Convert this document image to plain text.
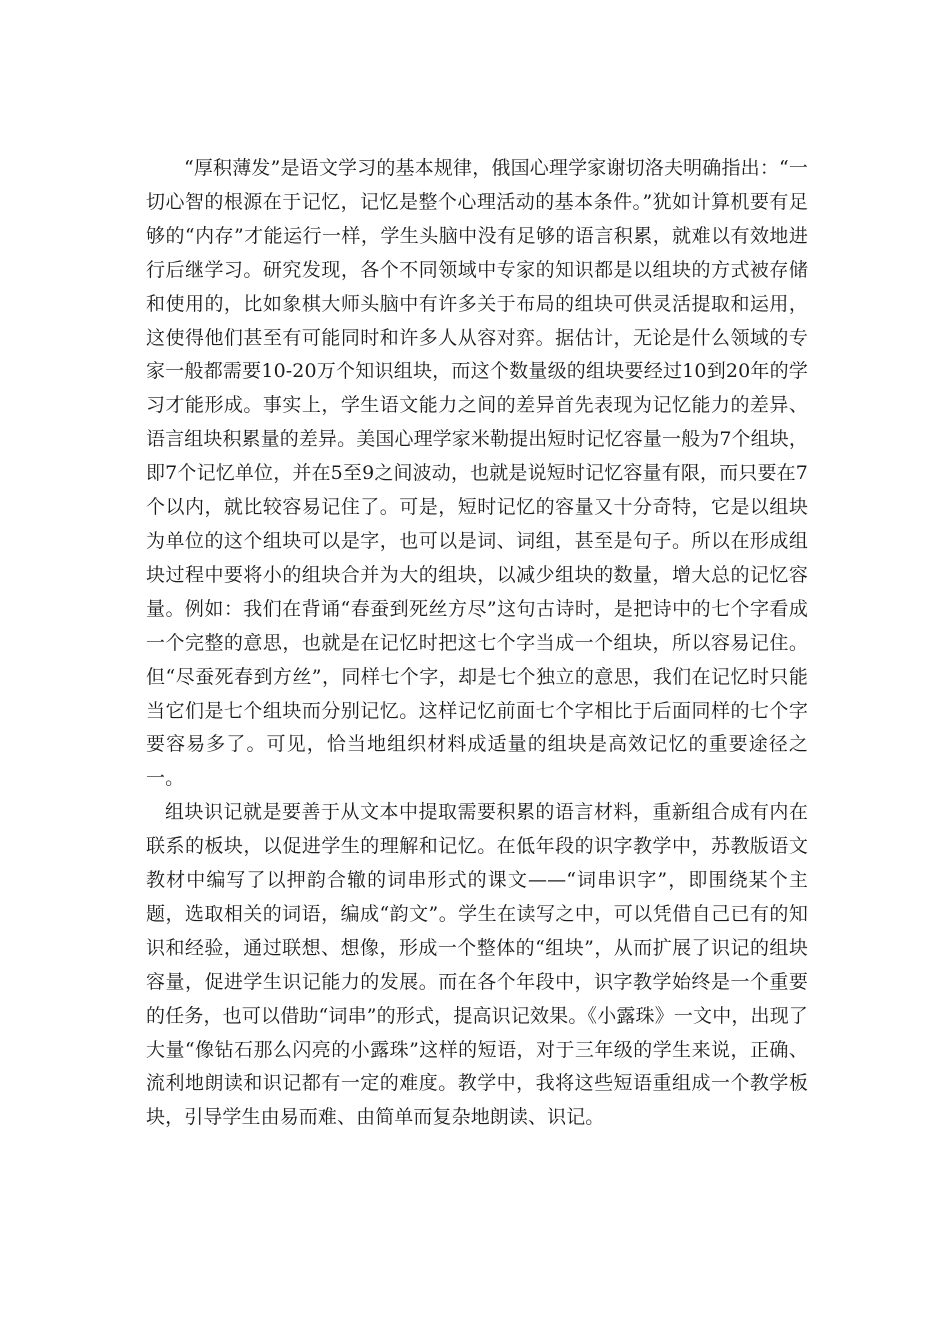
“厚积薄发”是语文学习的基本规律，俄国心理学家谢切洛夫明确指出：“一切心智的根源在于记忆，记忆是整个心理活动的基本条件。”犹如计算机要有足够的“内存”才能运行一样，学生头脑中没有足够的语言积累，就难以有效地进行后继学习。研究发现，各个不同领域中专家的知识都是以组块的方式被存储和使用的，比如象棋大师头脑中有许多关于布局的组块可供灵活提取和运用，这使得他们甚至有可能同时和许多人从容对弈。据估计，无论是什么领域的专家一般都需要10-20万个知识组块，而这个数量级的组块要经过10到20年的学习才能形成。事实上，学生语文能力之间的差异首先表现为记忆能力的差异、语言组块积累量的差异。美国心理学家米勒提出短时记忆容量一般为7个组块，即7个记忆单位，并在5至9之间波动，也就是说短时记忆容量有限，而只要在7个以内，就比较容易记住了。可是，短时记忆的容量又十分奇特，它是以组块为单位的这个组块可以是字，也可以是词、词组，甚至是句子。所以在形成组块过程中要将小的组块合并为大的组块，以减少组块的数量，增大总的记忆容量。例如：我们在背诵“春蚕到死丝方尽”这句古诗时，是把诗中的七个字看成一个完整的意思，也就是在记忆时把这七个字当成一个组块，所以容易记住。但“尽蚕死春到方丝”，同样七个字，却是七个独立的意思，我们在记忆时只能当它们是七个组块而分别记忆。这样记忆前面七个字相比于后面同样的七个字要容易多了。可见，恰当地组织材料成适量的组块是高效记忆的重要途径之一。

组块识记就是要善于从文本中提取需要积累的语言材料，重新组合成有内在联系的板块，以促进学生的理解和记忆。在低年段的识字教学中，苏教版语文教材中编写了以押韵合辙的词串形式的课文——“词串识字”，即围绕某个主题，选取相关的词语，编成“韵文”。学生在读写之中，可以凭借自己已有的知识和经验，通过联想、想像，形成一个整体的“组块”，从而扩展了识记的组块容量，促进学生识记能力的发展。而在各个年段中，识字教学始终是一个重要的任务，也可以借助“词串”的形式，提高识记效果。《小露珠》一文中，出现了大量“像钻石那么闪亮的小露珠”这样的短语，对于三年级的学生来说，正确、流利地朗读和识记都有一定的难度。教学中，我将这些短语重组成一个教学板块，引导学生由易而难、由简单而复杂地朗读、识记。
